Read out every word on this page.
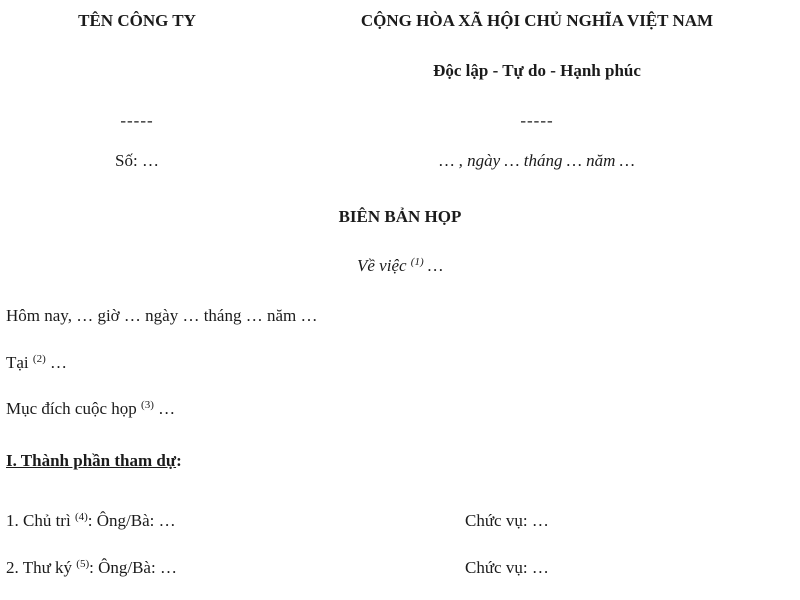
TÊN CÔNG TY	CỘNG HÒA XÃ HỘI CHỦ NGHĨA VIỆT NAM
Độc lập - Tự do - Hạnh phúc
-----	-----
Số: …	… , ngày … tháng … năm …
BIÊN BẢN HỌP
Về việc $^{(1)}$ …
Hôm nay, … giờ … ngày … tháng … năm …
Tại $^{(2)}$ …
Mục đích cuộc họp $^{(3)}$ …
I. Thành phần tham dự:
1. Chủ trì $^{(4)}$: Ông/Bà: …	Chức vụ: …
2. Thư ký $^{(5)}$: Ông/Bà: …	Chức vụ: …
